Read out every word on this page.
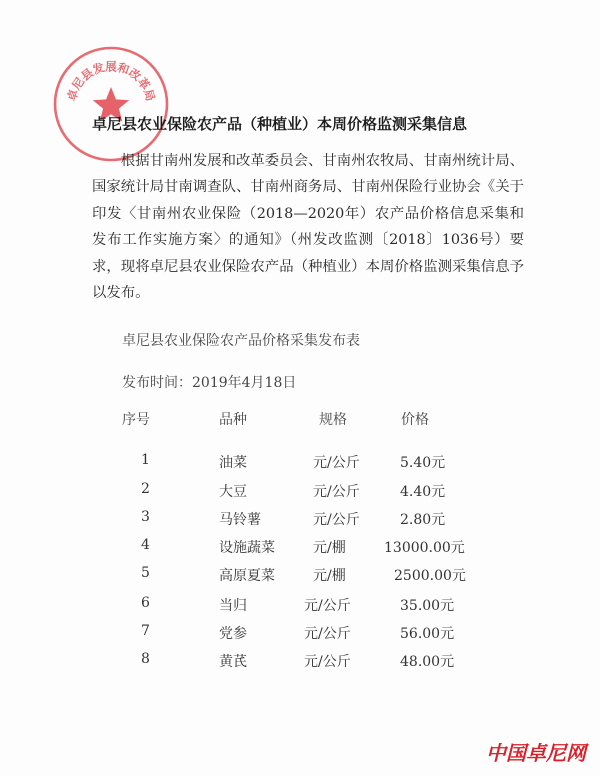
卓尼县发展和改革局
卓尼县农业保险农产品（种植业）本周价格监测采集信息

根据甘南州发展和改革委员会、甘南州农牧局、甘南州统计局、国家统计局甘南调查队、甘南州商务局、甘南州保险行业协会《关于印发〈甘南州农业保险（2018—2020年）农产品价格信息采集和发布工作实施方案〉的通知》（州发改监测〔2018〕1036号）要求，现将卓尼县农业保险农产品（种植业）本周价格监测采集信息予以发布。

卓尼县农业保险农产品价格采集发布表
发布时间：2019年4月18日
序号	品种	规格	价格
1	油菜	元/公斤	5.40元
2	大豆	元/公斤	4.40元
3	马铃薯	元/公斤	2.80元
4	设施蔬菜	元/棚	13000.00元
5	高原夏菜	元/棚	2500.00元
6	当归	元/公斤	35.00元
7	党参	元/公斤	56.00元
8	黄芪	元/公斤	48.00元
中国卓尼网
